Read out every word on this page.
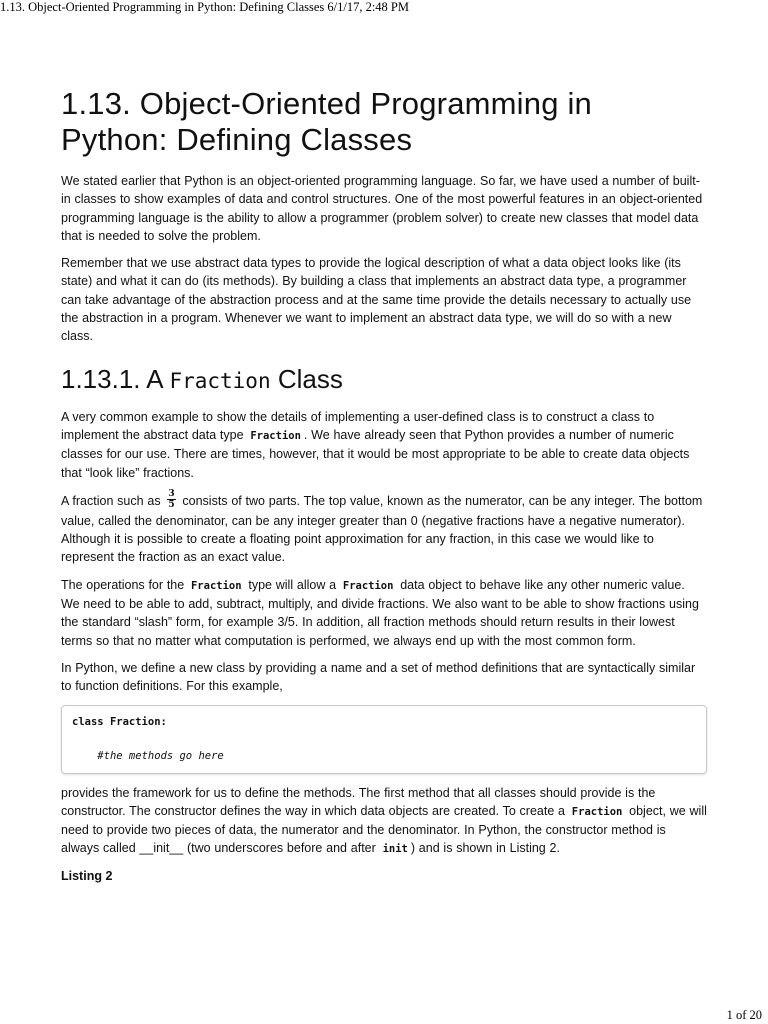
1.13. Object-Oriented Programming in Python: Defining Classes 6/1/17, 2:48 PM
1.13. Object-Oriented Programming in Python: Defining Classes

We stated earlier that Python is an object-oriented programming language. So far, we have used a number of built-in classes to show examples of data and control structures. One of the most powerful features in an object-oriented programming language is the ability to allow a programmer (problem solver) to create new classes that model data that is needed to solve the problem.

Remember that we use abstract data types to provide the logical description of what a data object looks like (its state) and what it can do (its methods). By building a class that implements an abstract data type, a programmer can take advantage of the abstraction process and at the same time provide the details necessary to actually use the abstraction in a program. Whenever we want to implement an abstract data type, we will do so with a new class.

1.13.1. A Fraction Class

A very common example to show the details of implementing a user-defined class is to construct a class to implement the abstract data type Fraction . We have already seen that Python provides a number of numeric classes for our use. There are times, however, that it would be most appropriate to be able to create data objects that “look like” fractions.

A fraction such as $\frac{3}{5}$ consists of two parts. The top value, known as the numerator, can be any integer. The bottom value, called the denominator, can be any integer greater than 0 (negative fractions have a negative numerator). Although it is possible to create a floating point approximation for any fraction, in this case we would like to represent the fraction as an exact value.

The operations for the Fraction type will allow a Fraction data object to behave like any other numeric value. We need to be able to add, subtract, multiply, and divide fractions. We also want to be able to show fractions using the standard “slash” form, for example 3/5. In addition, all fraction methods should return results in their lowest terms so that no matter what computation is performed, we always end up with the most common form.

In Python, we define a new class by providing a name and a set of method definitions that are syntactically similar to function definitions. For this example,

class Fraction:

#the methods go here

provides the framework for us to define the methods. The first method that all classes should provide is the constructor. The constructor defines the way in which data objects are created. To create a Fraction object, we will need to provide two pieces of data, the numerator and the denominator. In Python, the constructor method is always called __init__ (two underscores before and after init ) and is shown in Listing 2.

Listing 2
1 of 20
